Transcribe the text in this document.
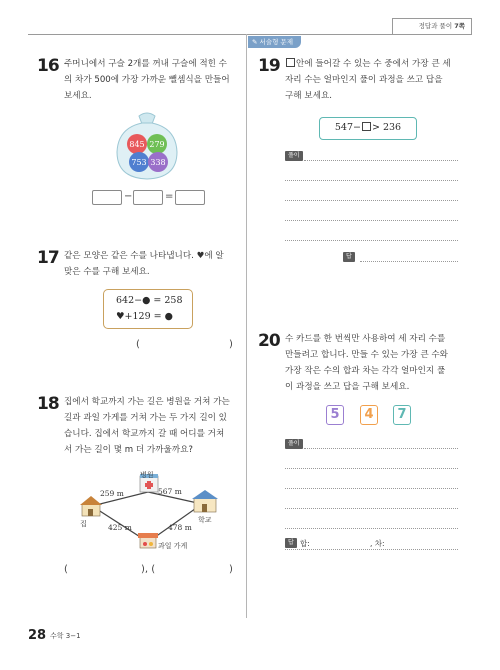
정답과 풀이 7쪽
16 주머니에서 구슬 2개를 꺼내 구슬에 적힌 수
의 차가 500에 가장 가까운 뺄셈식을 만들어
보세요.
845 279
753 338
−	=
17 같은 모양은 같은 수를 나타냅니다. ♥에 알
맞은 수를 구해 보세요.
642−● = 258
♥+129 = ●
(	)
18 집에서 학교까지 가는 길은 병원을 거쳐 가는
길과 과일 가게를 거쳐 가는 두 가지 길이 있
습니다. 집에서 학교까지 갈 때 어디를 거쳐
서 가는 길이 몇 m 더 가까울까요?
집
병원
학교
과일 가게
259 m	567 m
425 m	478 m
(	), (	)
✎ 서술형 문제
19	안에 들어갈 수 있는 수 중에서 가장 큰 세
자리 수는 얼마인지 풀이 과정을 쓰고 답을
구해 보세요.
547− > 236
풀이
답
20 수 카드를 한 번씩만 사용하여 세 자리 수를
만들려고 합니다. 만들 수 있는 가장 큰 수와
가장 작은 수의 합과 차는 각각 얼마인지 풀
이 과정을 쓰고 답을 구해 보세요.
5	4	7
풀이
답 합:	, 차:
28 수학 3−1
